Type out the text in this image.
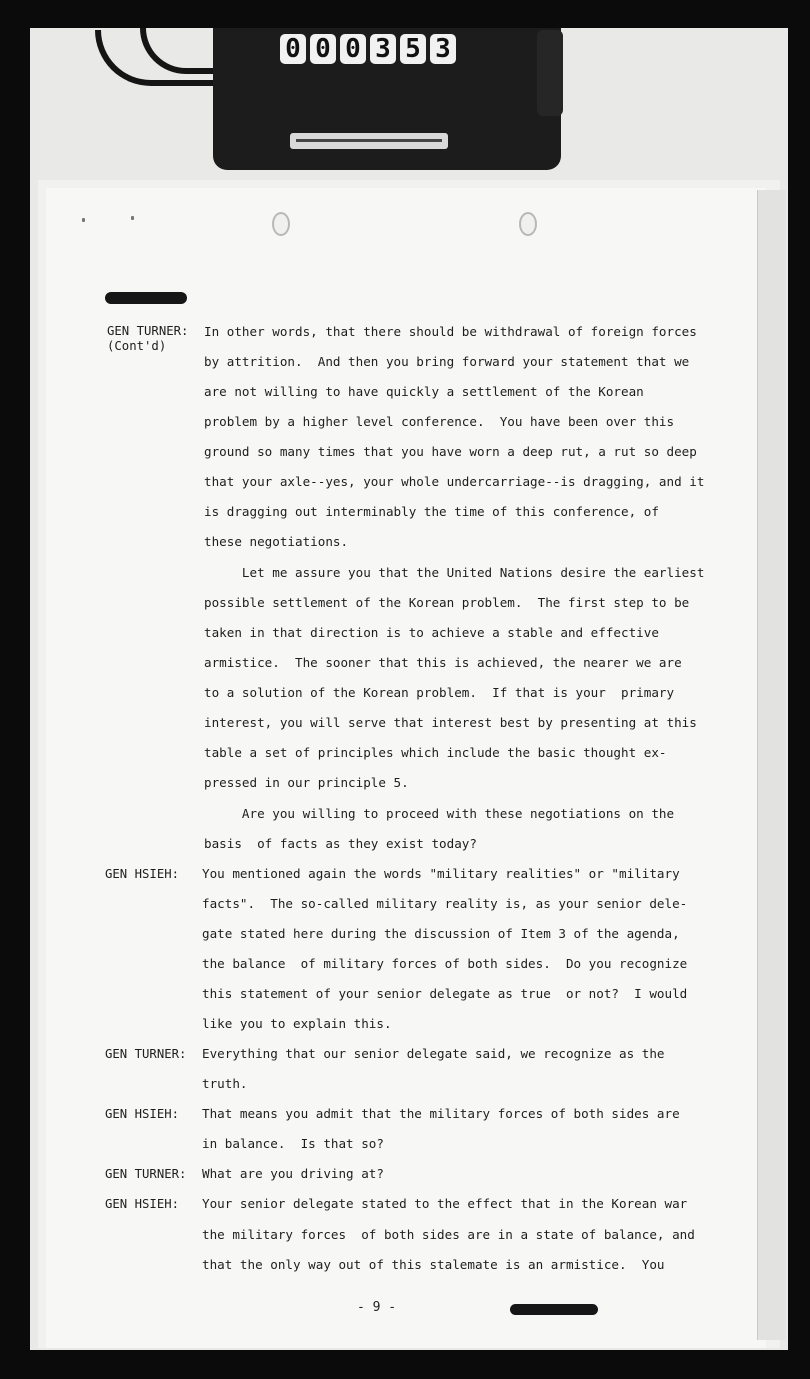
0 0 0 3 5 3
GEN TURNER:
(Cont'd)
GEN HSIEH:
GEN TURNER:
GEN HSIEH:
GEN TURNER:
GEN HSIEH:
In other words, that there should be withdrawal of foreign forces
by attrition.  And then you bring forward your statement that we
are not willing to have quickly a settlement of the Korean
problem by a higher level conference.  You have been over this
ground so many times that you have worn a deep rut, a rut so deep
that your axle--yes, your whole undercarriage--is dragging, and it
is dragging out interminably the time of this conference, of
these negotiations.
Let me assure you that the United Nations desire the earliest
possible settlement of the Korean problem.  The first step to be
taken in that direction is to achieve a stable and effective
armistice.  The sooner that this is achieved, the nearer we are
to a solution of the Korean problem.  If that is your  primary
interest, you will serve that interest best by presenting at this
table a set of principles which include the basic thought ex-
pressed in our principle 5.
Are you willing to proceed with these negotiations on the
basis  of facts as they exist today?
You mentioned again the words "military realities" or "military
facts".  The so-called military reality is, as your senior dele-
gate stated here during the discussion of Item 3 of the agenda,
the balance  of military forces of both sides.  Do you recognize
this statement of your senior delegate as true  or not?  I would
like you to explain this.
Everything that our senior delegate said, we recognize as the
truth.
That means you admit that the military forces of both sides are
in balance.  Is that so?
What are you driving at?
Your senior delegate stated to the effect that in the Korean war
the military forces  of both sides are in a state of balance, and
that the only way out of this stalemate is an armistice.  You
- 9 -
